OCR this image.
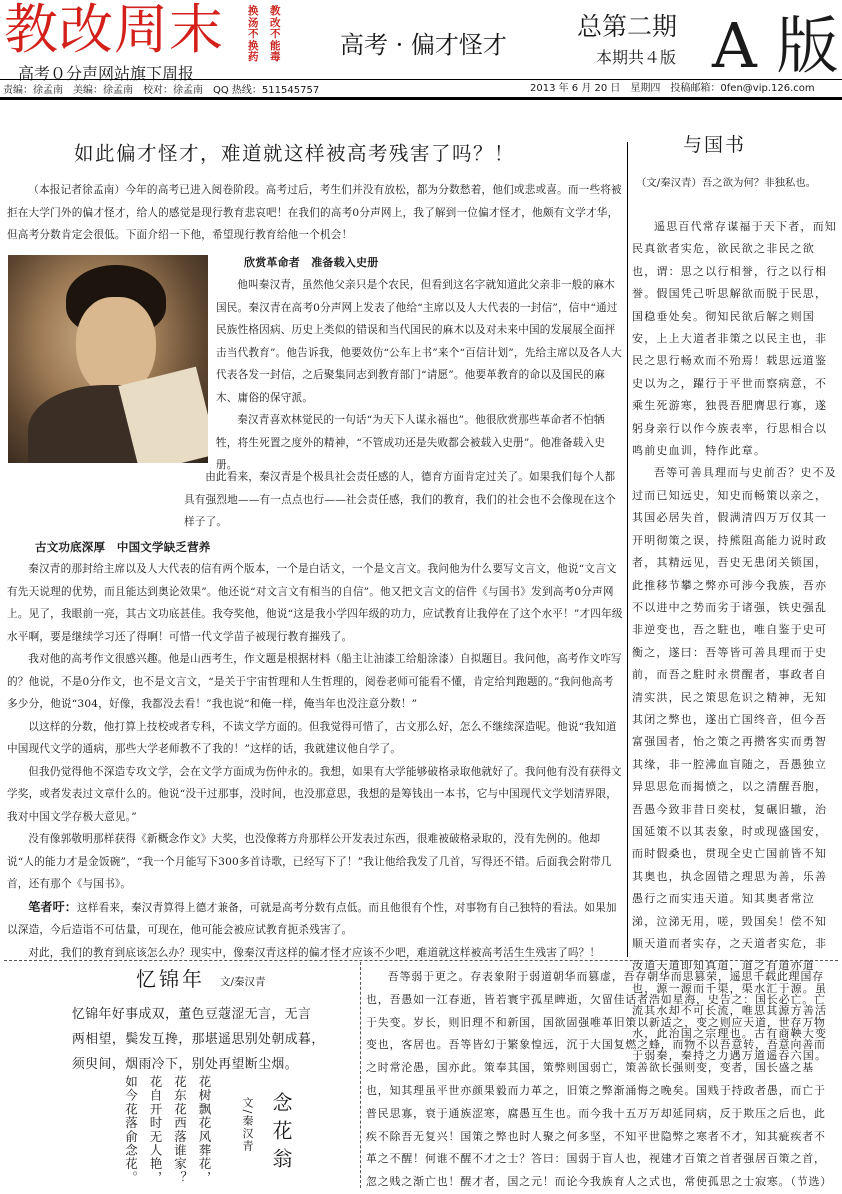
教改周末 换汤不换药
教改不能毒
高考０分声网站旗下周报
高考 · 偏才怪才
总第二期
本期共４版 A 版
责编：徐孟南　美编：徐孟南　校对：徐孟南　QQ 热线：511545757	2013 年 6 月 20 日　星期四　投稿邮箱：0fen@vip.126.com
如此偏才怪才，难道就这样被高考残害了吗？！

（本报记者徐孟南）今年的高考已进入阅卷阶段。高考过后，考生们并没有放松，都为分数愁着，他们或悲或喜。而一些将被拒在大学门外的偏才怪才，给人的感觉是现行教育悲哀吧！在我们的高考0分声网上，我了解到一位偏才怪才，他颇有文学才华，但高考分数肯定会很低。下面介绍一下他，希望现行教育给他一个机会！

欣赏革命者　准备载入史册

他叫秦汉青，虽然他父亲只是个农民，但看到这名字就知道此父亲非一般的麻木国民。秦汉青在高考0分声网上发表了他给“主席以及人大代表的一封信”，信中“通过民族性格因病、历史上类似的错误和当代国民的麻木以及对未来中国的发展展全面抨击当代教育”。他告诉我，他要效仿“公车上书”来个“百信计划”，先给主席以及各人大代表各发一封信，之后聚集同志到教育部门“请愿”。他要革教育的命以及国民的麻木、庸俗的保守派。

秦汉青喜欢林觉民的一句话“为天下人谋永福也”。他很欣赏那些革命者不怕牺牲，将生死置之度外的精神，“不管成功还是失败都会被载入史册”。他准备载入史册。

由此看来，秦汉青是个极具社会责任感的人，德育方面肯定过关了。如果我们每个人都具有强烈地——有一点点也行——社会责任感，我们的教育，我们的社会也不会像现在这个样子了。

古文功底深厚　中国文学缺乏营养

秦汉青的那封给主席以及人大代表的信有两个版本，一个是白话文，一个是文言文。我问他为什么要写文言文，他说“文言文有先天说理的优势，而且能达到奥论效果”。他还说“对文言文有相当的自信”。他又把文言文的信件《与国书》发到高考0分声网上。见了，我眼前一亮，其古文功底甚佳。我夸奖他，他说“这是我小学四年级的功力，应试教育让我停在了这个水平！”才四年级水平啊，要是继续学习还了得啊！可惜一代文学苗子被现行教育摧残了。

我对他的高考作文很感兴趣。他是山西考生，作文题是根据材料（船主让油漆工给船涂漆）自拟题目。我问他，高考作文咋写的？他说，不是0分作文，也不是文言文，“是关于宇宙哲理和人生哲理的，阅卷老师可能看不懂，肯定给判跑题的。”我问他高考多少分，他说“304，好像，我都没去看！”我也说“和俺一样，俺当年也没注意分数！”

以这样的分数，他打算上技校或者专科，不读文学方面的。但我觉得可惜了，古文那么好，怎么不继续深造呢。他说“我知道中国现代文学的通病，那些大学老师教不了我的！”这样的话，我就建议他自学了。

但我仍觉得他不深造专攻文学，会在文学方面成为伤仲永的。我想，如果有大学能够破格录取他就好了。我问他有没有获得文学奖，或者发表过文章什么的。他说“没干过那事，没时间，也没那意思，我想的是筹钱出一本书，它与中国现代文学划清界限，我对中国文学存极大意见。”

没有像郭敬明那样获得《新概念作文》大奖，也没像蒋方舟那样公开发表过东西，很难被破格录取的，没有先例的。他却说“人的能力才是金饭碗”，“我一个月能写下300多首诗歌，已经写下了！”我让他给我发了几首，写得还不错。后面我会附带几首，还有那个《与国书》。

笔者吁：这样看来，秦汉青算得上德才兼备，可就是高考分数有点低。而且他很有个性，对事物有自己独特的看法。如果加以深造，今后造诣不可估量，可现在，他可能会被应试教育扼杀残害了。

对此，我们的教育到底该怎么办？现实中，像秦汉青这样的偏才怪才应该不少吧，难道就这样被高考活生生残害了吗？！

与国书
（文/秦汉青）吾之欲为何？非独私也。

遥思百代常存谋福于天下者，而知民真欲者实危，欲民欲之非民之欲也，谓：思之以行相誉，行之以行相誉。假国凭己听思解欲而脱于民思，国稳垂处矣。彻知民欲后解之则国安，上上大道者非策之以民主也，非民之思行畅欢而不殆焉！载思远道鉴史以为之，躍行于平世而察病意，不乘生死游寒，独畏吾肥膺思行寡，遂躬身亲行以作今族表率，行思相合以鸣前史血训，特作此章。

吾等可善具理而与史前否？史不及过而已知远史，知史而畅策以亲之，其国必居失首，假满清四万万仅其一开明彻策之误，持熊阻高能力说时政者，其精远见，吾史无患闭关锁国，此推移节攀之弊亦可涉今我族，吾亦不以进中之势而劣于诸强，铁史强乱非逆变也，吾之駐也，唯自鉴于史可衡之，遂曰：吾等皆可善具理而于史前，而吾之駐时永贯醒者，事政者自清实洪，民之策思危识之精神，无知其闭之弊也，遂出亡国终音，但今吾富强国者，怡之策之再攒客实而勇智其缘，非一腔沸血盲随之，吾愚独立异思思危而揭愤之，以之清醒吾胞，吾愚今致非昔日奕杖，复碾旧辙，治国延策不以其表象，时或现盛国安，而时假桑也，贯现全史亡国前皆不知其奥也，执念固错之理思为善，乐善愚行之而实违天道。知其奥者常泣涕，泣涕无用，嗟，毁国矣！偿不知顺天道而者实存，之天道者实危，非汝道天道即知真道，道之有道亦道也，源一源而千渠，渠水汇于源。虽流其水却不可长流，唯思其源方善活水，此治国之宗理也。古有商鞅大变于弱秦，秦持之力遇万道遥吞六国。

忆锦年 文/秦汉青
忆锦年好事成双，董色豆蔻涩无言，无言
两相望，鬓发互搀，那堪遥思别处朝成暮，
须臾间，烟雨冷下，别处再望断尘烟。
花树飘花风葬花，
花东花西落谁家？
花自开时无人艳，
如今花落俞念花。	文/秦汉青 念花翁

吾等弱于更之。存表象附于弱道朝华而篡虚，吾存朝华而思篡荣，遥思千载此理国存也，吾愚如一江春逝，皆若寰宇孤星睥逝，欠留佳话者浩如星海，史告之：国长必亡。亡于失变。岁长，则旧理不和新国，国欲固强唯革旧策以新适之，变之则应天道，世存万物变也，客居也。吾等皆幻于繁象惶远，沉于大国复燃之蜂，而物不以吾意转，吾意向善而之时常沦愚，国亦此。策奉其国，策弊则国弱亡，策善欲长强则变，变者，国长盛之基也，知其理虽平世亦颜果毅而力革之，旧策之弊渐涌悔之晚矣。国贱于持政者愚，而亡于普民思寡，衰于通族涩寒，腐愚互生也。而今我十五万万却延同病，反于欺压之后也，此疾不除吾无复兴！国策之弊也时人聚之何多坚，不知平世隐弊之寒者不才，知其疵疾者不革之不醒！何谁不醒不才之士？答曰：国弱于盲人也，视建才百策之首者强居百策之首，忽之贱之渐亡也！醒才者，国之元！而论今我族育人之式也，常使孤思之士寂寒。（节选）
